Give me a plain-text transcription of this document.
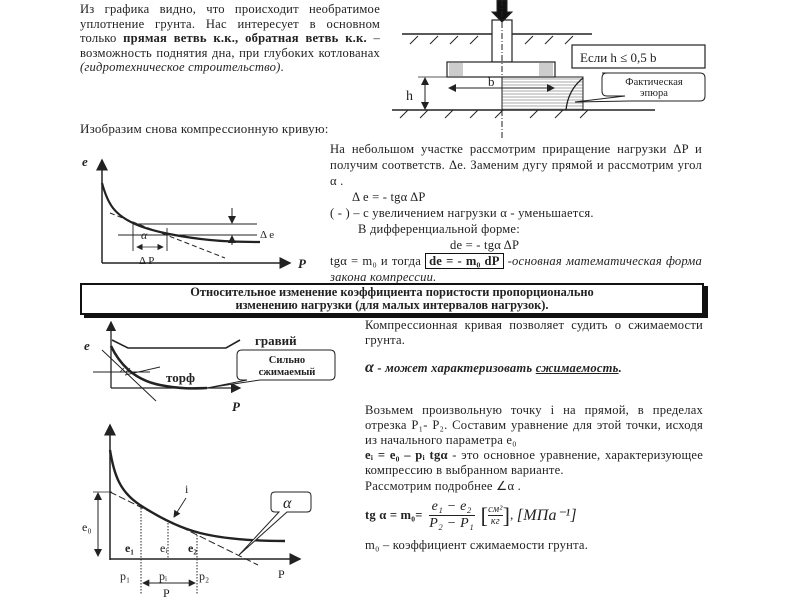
Из графика видно, что происходит необратимое уплотнение грунта. Нас интересует в основном только прямая ветвь к.к., обратная ветвь к.к. – возможность поднятия дна, при глубоких котлованах (гидротехническое строительство).
Изобразим снова компрессионную кривую:

На небольшом участке рассмотрим приращение нагрузки ΔP и получим соответств. Δe. Заменим дугу прямой и рассмотрим угол α .

Δ e = - tgα ΔP

( - ) – с увеличением нагрузки α - уменьшается.

В дифференциальной форме:

de = - tgα ΔP

tgα = m₀ и тогда de = - m₀ dP -основная математическая форма закона компрессии.

Относительное изменение коэффициента пористости пропорционально
изменению нагрузки (для малых интервалов нагрузок).

Компрессионная кривая позволяет судить о сжимаемости грунта.

α - может характеризовать сжимаемость.

Возьмем произвольную точку i на прямой, в пределах отрезка P₁- P₂. Составим уравнение для этой точки, исходя из начального параметра e₀

eᵢ = e₀ – pᵢ tgα - это основное уравнение, характеризующее компрессию в выбранном варианте.

Рассмотрим подробнее ∠α .

tg $\alpha = m_0= \frac{\text{e₁ − e₂}}{\text{P₂ − P₁}}$ [ см²
кг ] , [МПа⁻¹]

m₀ – коэффициент сжимаемости грунта.

Если h ≤ 0,5 b
Фактическая
эпюра
h
b
e
P
α
Δ P
Δ e
e
P
гравий
торф
Сильно
сжимаемый
e₀
e₁ eᵢ e₂
p₁ pᵢ	p₂	P
P
i
α
